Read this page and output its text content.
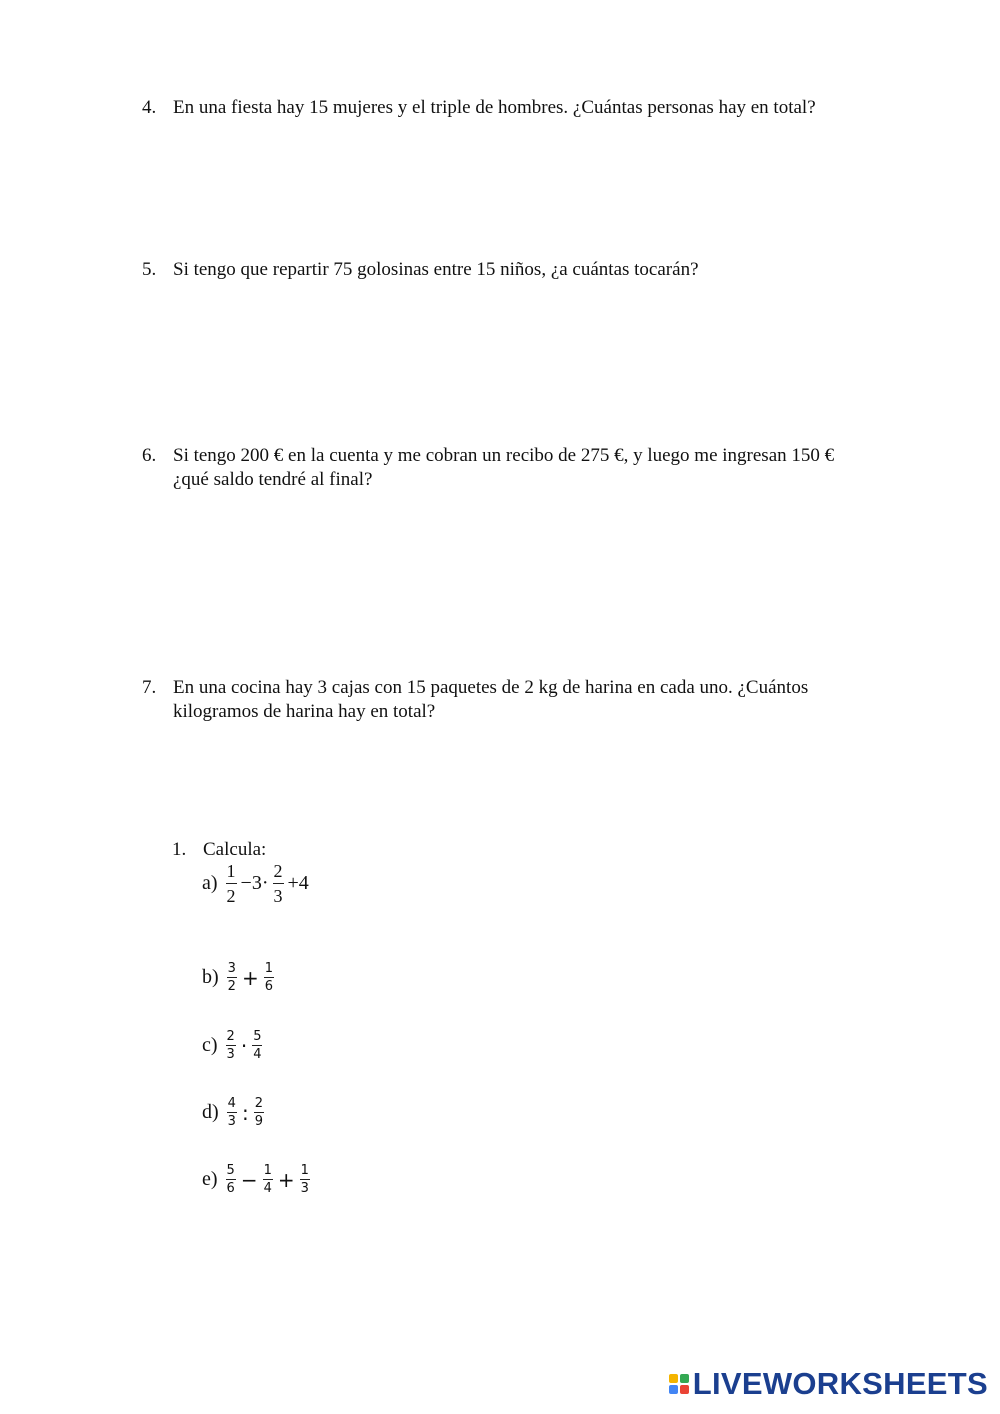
4. En una fiesta hay 15 mujeres y el triple de hombres. ¿Cuántas personas hay en total?
5. Si tengo que repartir 75 golosinas entre 15 niños, ¿a cuántas tocarán?
6. Si tengo 200 € en la cuenta y me cobran un recibo de 275 €, y luego me ingresan 150 €
¿qué saldo tendré al final?
7. En una cocina hay 3 cajas con 15 paquetes de 2 kg de harina en cada uno. ¿Cuántos
kilogramos de harina hay en total?
1. Calcula:
$a) \frac{1}{2} -3\cdot \frac{2}{3} +4$
$b) \frac{3}{2} + \frac{1}{6}$
$c) \frac{2}{3} \cdot \frac{5}{4}$
$d) \frac{4}{3}$ : $\frac{2}{9}$
$e) \frac{5}{6} - \frac{1}{4} + \frac{1}{3}$
LIVEWORKSHEETS
